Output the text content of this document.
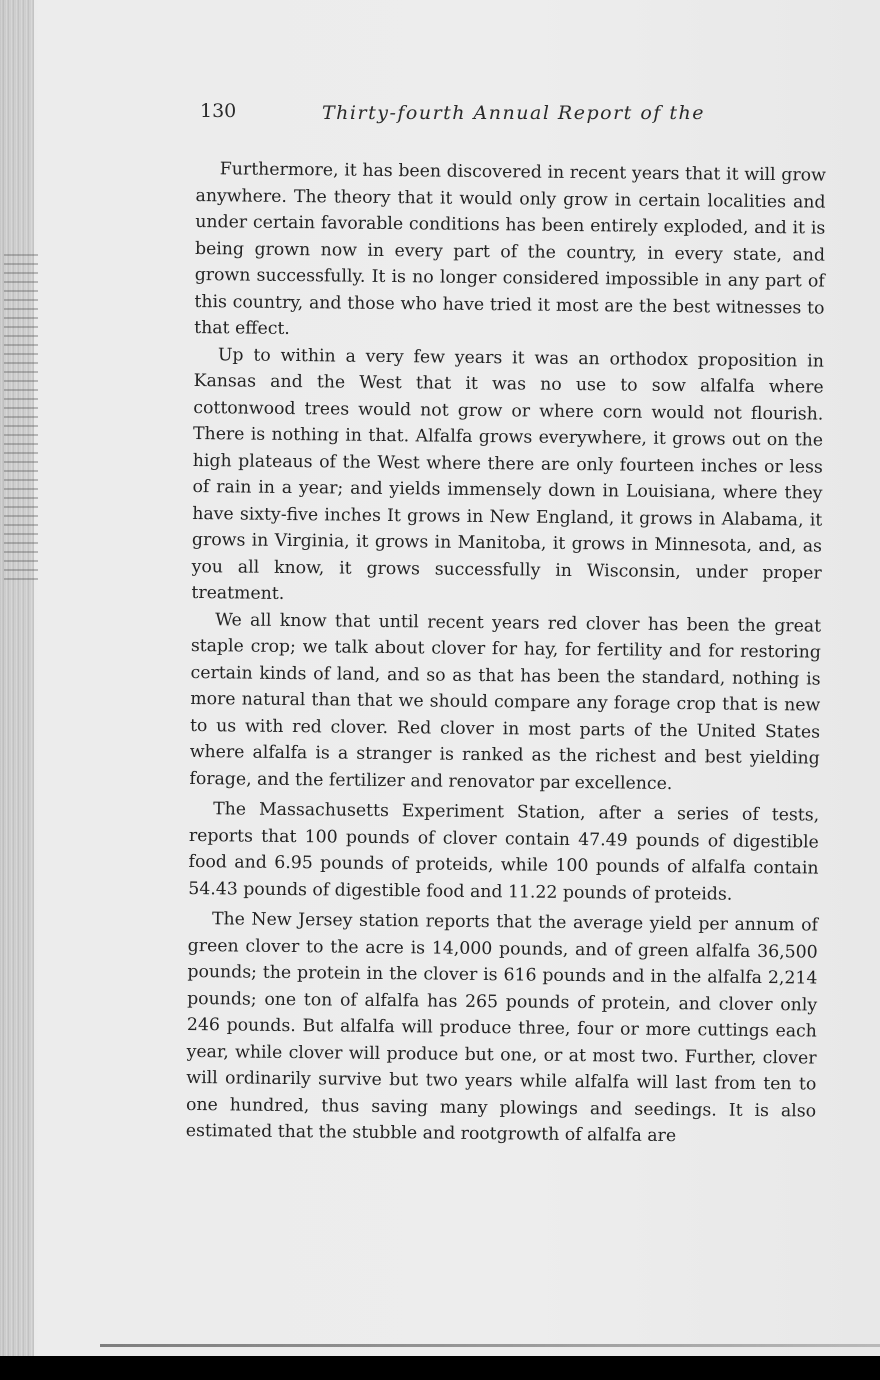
130	Thirty-fourth Annual Report of the

Furthermore, it has been discovered in recent years that it will grow anywhere. The theory that it would only grow in certain localities and under certain favorable conditions has been entirely exploded, and it is being grown now in every part of the country, in every state, and grown successfully. It is no longer considered impossible in any part of this country, and those who have tried it most are the best witnesses to that effect.

Up to within a very few years it was an orthodox proposition in Kansas and the West that it was no use to sow alfalfa where cottonwood trees would not grow or where corn would not flourish. There is nothing in that. Alfalfa grows everywhere, it grows out on the high plateaus of the West where there are only fourteen inches or less of rain in a year; and yields immensely down in Louisiana, where they have sixty-five inches It grows in New England, it grows in Alabama, it grows in Virginia, it grows in Manitoba, it grows in Minnesota, and, as you all know, it grows successfully in Wisconsin, under proper treatment.

We all know that until recent years red clover has been the great staple crop; we talk about clover for hay, for fertility and for restoring certain kinds of land, and so as that has been the standard, nothing is more natural than that we should compare any forage crop that is new to us with red clover. Red clover in most parts of the United States where alfalfa is a stranger is ranked as the richest and best yielding forage, and the fertilizer and renovator par excellence.

The Massachusetts Experiment Station, after a series of tests, reports that 100 pounds of clover contain 47.49 pounds of digestible food and 6.95 pounds of proteids, while 100 pounds of alfalfa contain 54.43 pounds of digestible food and 11.22 pounds of proteids.

The New Jersey station reports that the average yield per annum of green clover to the acre is 14,000 pounds, and of green alfalfa 36,500 pounds; the protein in the clover is 616 pounds and in the alfalfa 2,214 pounds; one ton of alfalfa has 265 pounds of protein, and clover only 246 pounds. But alfalfa will produce three, four or more cuttings each year, while clover will produce but one, or at most two. Further, clover will ordinarily survive but two years while alfalfa will last from ten to one hundred, thus saving many plowings and seedings. It is also estimated that the stubble and rootgrowth of alfalfa are
